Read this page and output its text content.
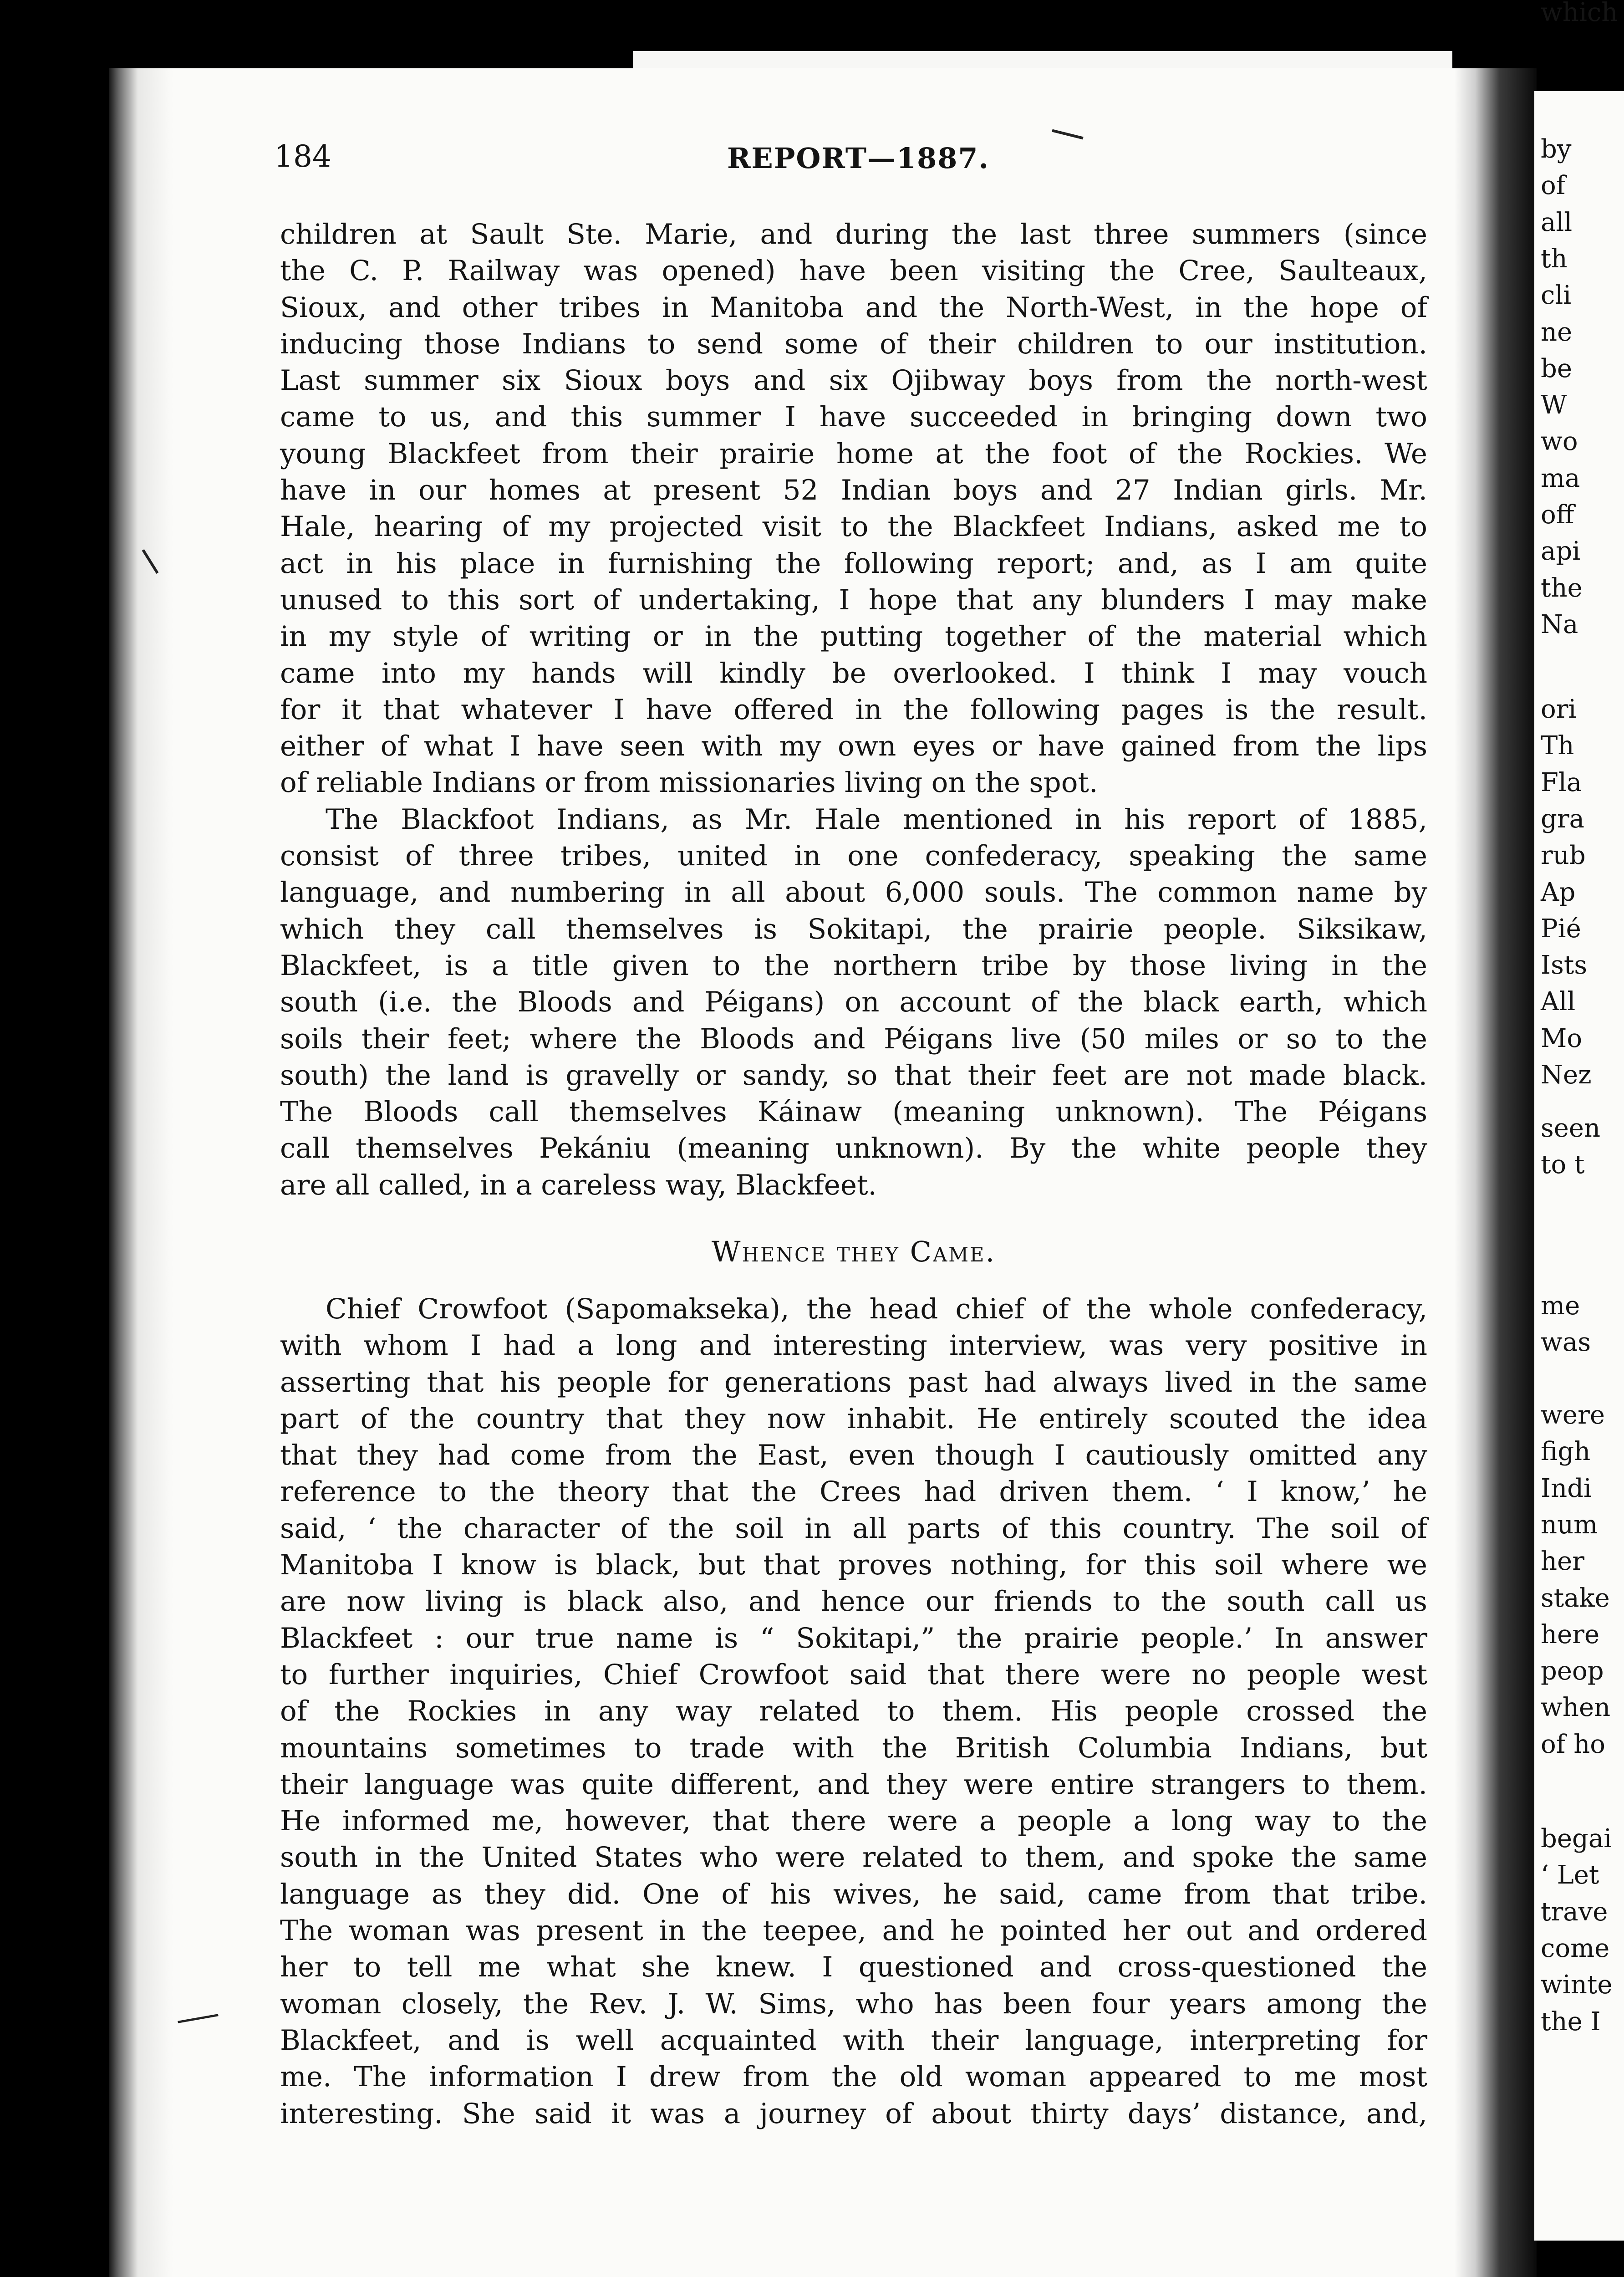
by
of
all
th
cli
ne
be
W
wo
ma
off
api
the
Na
ori
Th
Fla
gra
rub
Ap
Pié
Ists
All
Mo
Nez
seen
to t
me
was
were
figh
Indi
num
her
stake
here
peop
when
of ho
begai
‘ Let
trave
come
winte
the I
which
184	REPORT—1887.
children at Sault Ste. Marie, and during the last three summers (since
the C. P. Railway was opened) have been visiting the Cree, Saulteaux,
Sioux, and other tribes in Manitoba and the North-West, in the hope of
inducing those Indians to send some of their children to our institution.
Last summer six Sioux boys and six Ojibway boys from the north-west
came to us, and this summer I have succeeded in bringing down two
young Blackfeet from their prairie home at the foot of the Rockies. We
have in our homes at present 52 Indian boys and 27 Indian girls. Mr.
Hale, hearing of my projected visit to the Blackfeet Indians, asked me to
act in his place in furnishing the following report; and, as I am quite
unused to this sort of undertaking, I hope that any blunders I may make
in my style of writing or in the putting together of the material which
came into my hands will kindly be overlooked. I think I may vouch
for it that whatever I have offered in the following pages is the result.
either of what I have seen with my own eyes or have gained from the lips
of reliable Indians or from missionaries living on the spot.
The Blackfoot Indians, as Mr. Hale mentioned in his report of 1885,
consist of three tribes, united in one confederacy, speaking the same
language, and numbering in all about 6,000 souls. The common name by
which they call themselves is Sokitapi, the prairie people. Siksikaw,
Blackfeet, is a title given to the northern tribe by those living in the
south (i.e. the Bloods and Péigans) on account of the black earth, which
soils their feet; where the Bloods and Péigans live (50 miles or so to the
south) the land is gravelly or sandy, so that their feet are not made black.
The Bloods call themselves Káinaw (meaning unknown). The Péigans
call themselves Pekániu (meaning unknown). By the white people they
are all called, in a careless way, Blackfeet.
Whence they Came.
Chief Crowfoot (Sapomakseka), the head chief of the whole confederacy,
with whom I had a long and interesting interview, was very positive in
asserting that his people for generations past had always lived in the same
part of the country that they now inhabit. He entirely scouted the idea
that they had come from the East, even though I cautiously omitted any
reference to the theory that the Crees had driven them. ‘ I know,’ he
said, ‘ the character of the soil in all parts of this country. The soil of
Manitoba I know is black, but that proves nothing, for this soil where we
are now living is black also, and hence our friends to the south call us
Blackfeet : our true name is “ Sokitapi,” the prairie people.’ In answer
to further inquiries, Chief Crowfoot said that there were no people west
of the Rockies in any way related to them. His people crossed the
mountains sometimes to trade with the British Columbia Indians, but
their language was quite different, and they were entire strangers to them.
He informed me, however, that there were a people a long way to the
south in the United States who were related to them, and spoke the same
language as they did. One of his wives, he said, came from that tribe.
The woman was present in the teepee, and he pointed her out and ordered
her to tell me what she knew. I questioned and cross-questioned the
woman closely, the Rev. J. W. Sims, who has been four years among the
Blackfeet, and is well acquainted with their language, interpreting for
me. The information I drew from the old woman appeared to me most
interesting. She said it was a journey of about thirty days’ distance, and,
